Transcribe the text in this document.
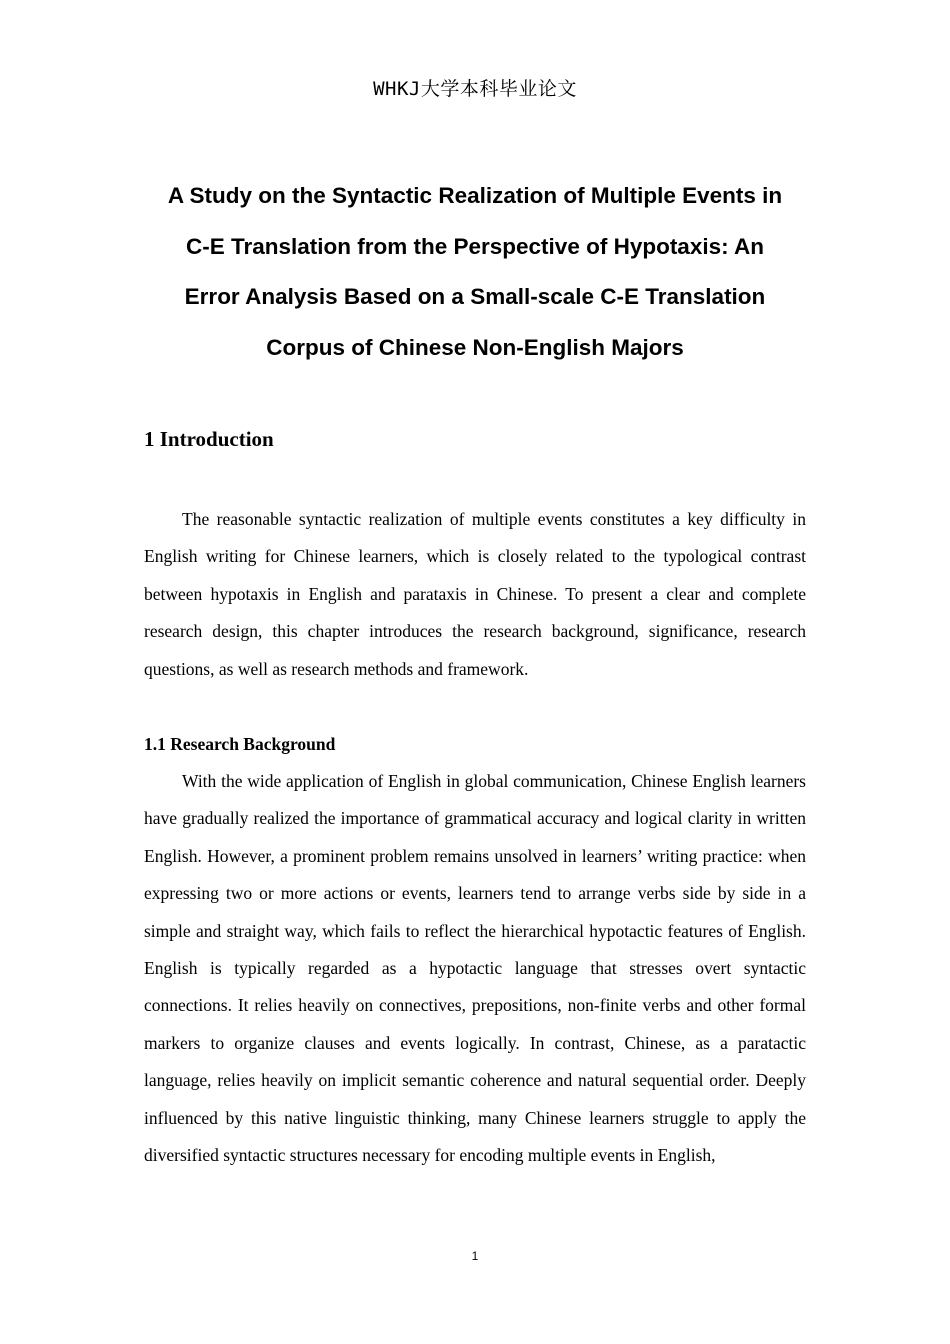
WHKJ大学本科毕业论文
A Study on the Syntactic Realization of Multiple Events in
C-E Translation from the Perspective of Hypotaxis: An
Error Analysis Based on a Small-scale C-E Translation
Corpus of Chinese Non-English Majors
1 Introduction

The reasonable syntactic realization of multiple events constitutes a key difficulty in English writing for Chinese learners, which is closely related to the typological contrast between hypotaxis in English and parataxis in Chinese. To present a clear and complete research design, this chapter introduces the research background, significance, research questions, as well as research methods and framework.

1.1 Research Background

With the wide application of English in global communication, Chinese English learners have gradually realized the importance of grammatical accuracy and logical clarity in written English. However, a prominent problem remains unsolved in learners’ writing practice: when expressing two or more actions or events, learners tend to arrange verbs side by side in a simple and straight way, which fails to reflect the hierarchical hypotactic features of English. English is typically regarded as a hypotactic language that stresses overt syntactic connections. It relies heavily on connectives, prepositions, non-finite verbs and other formal markers to organize clauses and events logically. In contrast, Chinese, as a paratactic language, relies heavily on implicit semantic coherence and natural sequential order. Deeply influenced by this native linguistic thinking, many Chinese learners struggle to apply the diversified syntactic structures necessary for encoding multiple events in English,

1
